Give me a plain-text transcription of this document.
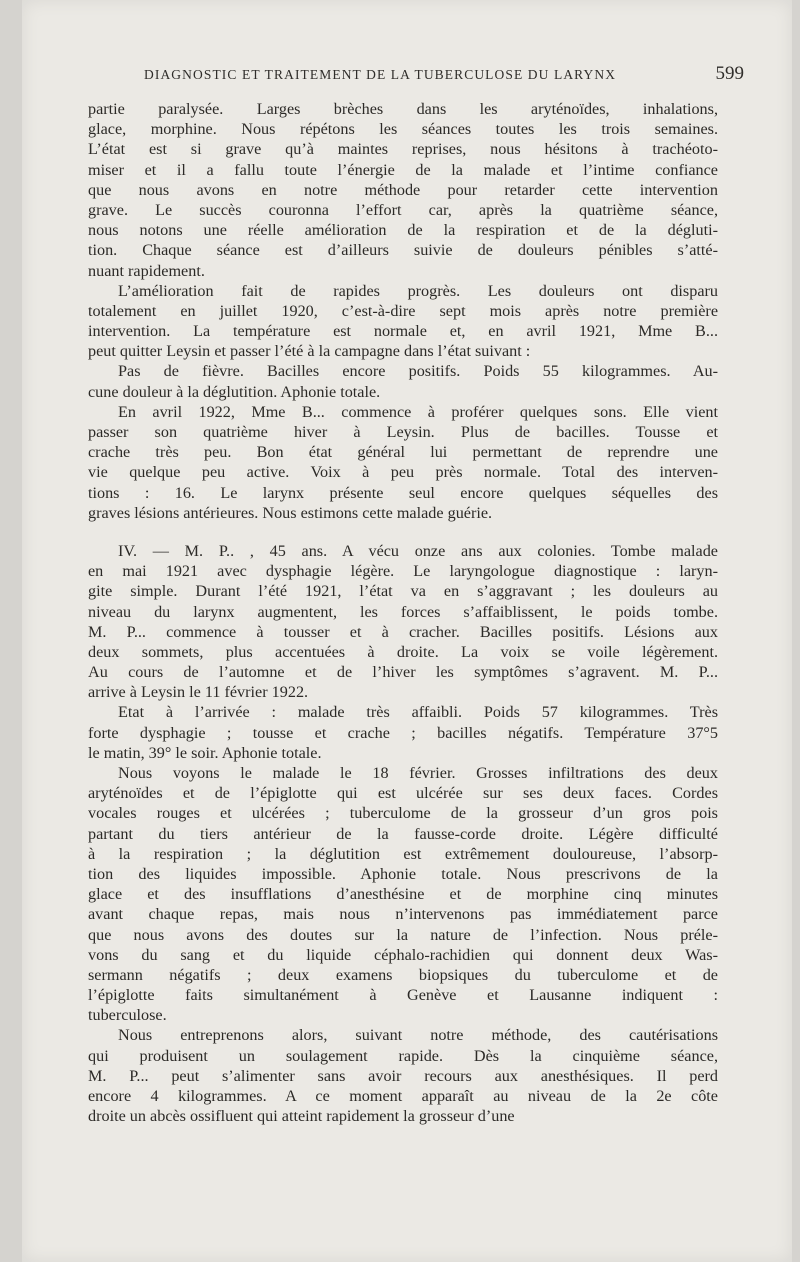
DIAGNOSTIC ET TRAITEMENT DE LA TUBERCULOSE DU LARYNX	599
partie paralysée. Larges brèches dans les aryténoïdes, inhalations,
glace, morphine. Nous répétons les séances toutes les trois semaines.
L’état est si grave qu’à maintes reprises, nous hésitons à trachéoto-
miser et il a fallu toute l’énergie de la malade et l’intime confiance
que nous avons en notre méthode pour retarder cette intervention
grave. Le succès couronna l’effort car, après la quatrième séance,
nous notons une réelle amélioration de la respiration et de la dégluti-
tion. Chaque séance est d’ailleurs suivie de douleurs pénibles s’atté-
nuant rapidement.
L’amélioration fait de rapides progrès. Les douleurs ont disparu
totalement en juillet 1920, c’est-à-dire sept mois après notre première
intervention. La température est normale et, en avril 1921, Mme B...
peut quitter Leysin et passer l’été à la campagne dans l’état suivant :
Pas de fièvre. Bacilles encore positifs. Poids 55 kilogrammes. Au-
cune douleur à la déglutition. Aphonie totale.
En avril 1922, Mme B... commence à proférer quelques sons. Elle vient
passer son quatrième hiver à Leysin. Plus de bacilles. Tousse et
crache très peu. Bon état général lui permettant de reprendre une
vie quelque peu active. Voix à peu près normale. Total des interven-
tions : 16. Le larynx présente seul encore quelques séquelles des
graves lésions antérieures. Nous estimons cette malade guérie.
IV. — M. P.. , 45 ans. A vécu onze ans aux colonies. Tombe malade
en mai 1921 avec dysphagie légère. Le laryngologue diagnostique : laryn-
gite simple. Durant l’été 1921, l’état va en s’aggravant ; les douleurs au
niveau du larynx augmentent, les forces s’affaiblissent, le poids tombe.
M. P... commence à tousser et à cracher. Bacilles positifs. Lésions aux
deux sommets, plus accentuées à droite. La voix se voile légèrement.
Au cours de l’automne et de l’hiver les symptômes s’agravent. M. P...
arrive à Leysin le 11 février 1922.
Etat à l’arrivée : malade très affaibli. Poids 57 kilogrammes. Très
forte dysphagie ; tousse et crache ; bacilles négatifs. Température 37°5
le matin, 39° le soir. Aphonie totale.
Nous voyons le malade le 18 février. Grosses infiltrations des deux
aryténoïdes et de l’épiglotte qui est ulcérée sur ses deux faces. Cordes
vocales rouges et ulcérées ; tuberculome de la grosseur d’un gros pois
partant du tiers antérieur de la fausse-corde droite. Légère difficulté
à la respiration ; la déglutition est extrêmement douloureuse, l’absorp-
tion des liquides impossible. Aphonie totale. Nous prescrivons de la
glace et des insufflations d’anesthésine et de morphine cinq minutes
avant chaque repas, mais nous n’intervenons pas immédiatement parce
que nous avons des doutes sur la nature de l’infection. Nous préle-
vons du sang et du liquide céphalo-rachidien qui donnent deux Was-
sermann négatifs ; deux examens biopsiques du tuberculome et de
l’épiglotte faits simultanément à Genève et Lausanne indiquent :
tuberculose.
Nous entreprenons alors, suivant notre méthode, des cautérisations
qui produisent un soulagement rapide. Dès la cinquième séance,
M. P... peut s’alimenter sans avoir recours aux anesthésiques. Il perd
encore 4 kilogrammes. A ce moment apparaît au niveau de la 2e côte
droite un abcès ossifluent qui atteint rapidement la grosseur d’une
